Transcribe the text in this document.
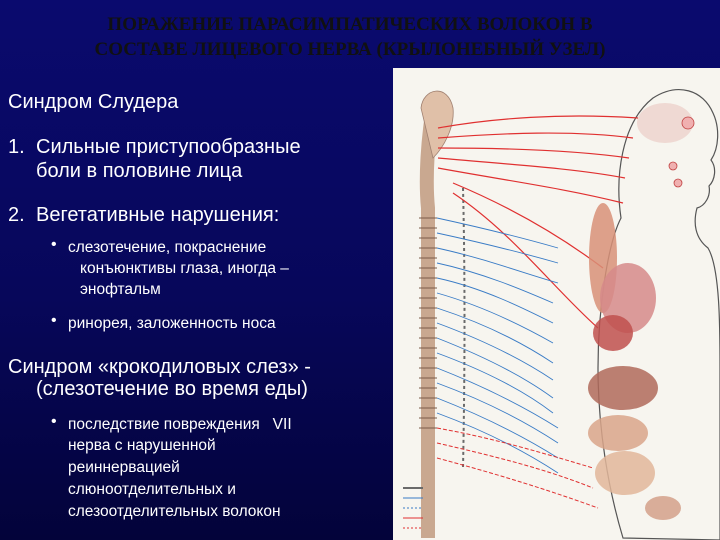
ПОРАЖЕНИЕ ПАРАСИМПАТИЧЕСКИХ ВОЛОКОН В
СОСТАВЕ ЛИЦЕВОГО НЕРВА (КРЫЛОНЕБНЫЙ УЗЕЛ)
Синдром Слудера
1. Сильные приступообразные
боли в половине лица
2. Вегетативные нарушения:
• слезотечение, покраснение
конъюнктивы глаза, иногда –
энофтальм
• ринорея, заложенность носа
Синдром «крокодиловых слез» -
(слезотечение во время еды)
• последствие повреждения   VII
нерва с нарушенной
реиннервацией
слюноотделительных и
слезоотделительных волокон
